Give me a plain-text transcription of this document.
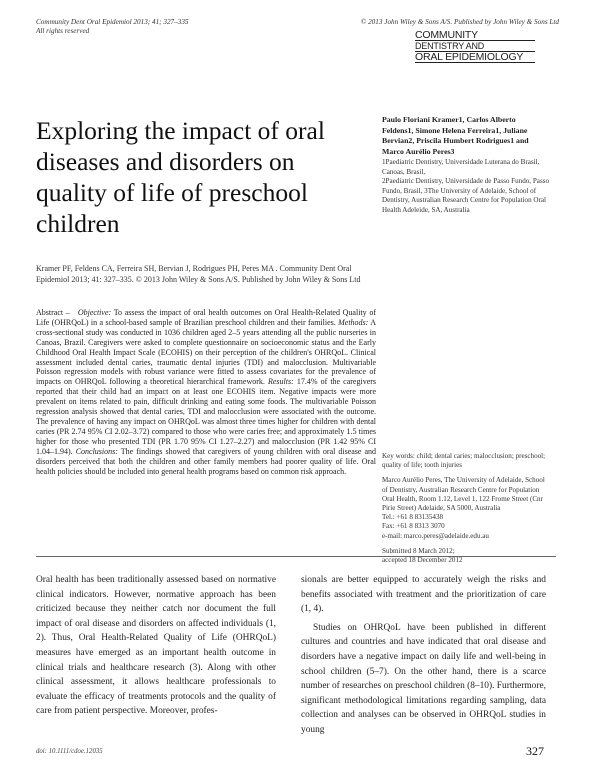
Community Dent Oral Epidemiol 2013; 41; 327–335
All rights reserved
© 2013 John Wiley & Sons A/S. Published by John Wiley & Sons Ltd
COMMUNITY
DENTISTRY AND
ORAL EPIDEMIOLOGY
Exploring the impact of oral diseases and disorders on quality of life of preschool children
Paulo Floriani Kramer1, Carlos Alberto Feldens1, Simone Helena Ferreira1, Juliane Bervian2, Priscila Humbert Rodrigues1 and Marco Aurélio Peres3

1Paediatric Dentistry, Universidade Luterana do Brasil, Canoas, Brasil,

2Paediatric Dentistry, Universidade de Passo Fundo, Passo Fundo, Brasil, 3The University of Adelaide, School of Dentistry, Australian Research Centre for Population Oral Health Adeleide, SA, Australia

Kramer PF, Feldens CA, Ferreira SH, Bervian J, Rodrigues PH, Peres MA . Community Dent Oral Epidemiol 2013; 41: 327–335. © 2013 John Wiley & Sons A/S. Published by John Wiley & Sons Ltd
Abstract – Objective: To assess the impact of oral health outcomes on Oral Health-Related Quality of Life (OHRQoL) in a school-based sample of Brazilian preschool children and their families. Methods: A cross-sectional study was conducted in 1036 children aged 2–5 years attending all the public nurseries in Canoas, Brazil. Caregivers were asked to complete questionnaire on socioeconomic status and the Early Childhood Oral Health Impact Scale (ECOHIS) on their perception of the children's OHRQoL. Clinical assessment included dental caries, traumatic dental injuries (TDI) and malocclusion. Multivariable Poisson regression models with robust variance were fitted to assess covariates for the prevalence of impacts on OHRQoL following a theoretical hierarchical framework. Results: 17.4% of the caregivers reported that their child had an impact on at least one ECOHIS item. Negative impacts were more prevalent on items related to pain, difficult drinking and eating some foods. The multivariable Poisson regression analysis showed that dental caries, TDI and malocclusion were associated with the outcome. The prevalence of having any impact on OHRQoL was almost three times higher for children with dental caries (PR 2.74 95% CI 2.02–3.72) compared to those who were caries free; and approximately 1.5 times higher for those who presented TDI (PR 1.70 95% CI 1.27–2.27) and malocclusion (PR 1.42 95% CI 1.04–1.94). Conclusions: The findings showed that caregivers of young children with oral disease and disorders perceived that both the children and other family members had poorer quality of life. Oral health policies should be included into general health programs based on common risk approach.

Key words: child; dental caries; malocclusion; preschool; quality of life; tooth injuries

Marco Aurélio Peres, The University of Adelaide, School of Dentistry, Australian Research Centre for Population Oral Health, Room 1.12, Level 1, 122 Frome Street (Cnr Pirie Street) Adelaide, SA 5000, Australia
Tel.: +61 8 83135438
Fax: +61 8 8313 3070
e-mail: marco.peres@adelaide.edu.au

Submitted 8 March 2012;
accepted 18 December 2012

Oral health has been traditionally assessed based on normative clinical indicators. However, normative approach has been criticized because they neither catch nor document the full impact of oral disease and disorders on affected individuals (1, 2). Thus, Oral Health-Related Quality of Life (OHRQoL) measures have emerged as an important health outcome in clinical trials and healthcare research (3). Along with other clinical assessment, it allows healthcare professionals to evaluate the efficacy of treatments protocols and the quality of care from patient perspective. Moreover, profes-

sionals are better equipped to accurately weigh the risks and benefits associated with treatment and the prioritization of care (1, 4).

Studies on OHRQoL have been published in different cultures and countries and have indicated that oral disease and disorders have a negative impact on daily life and well-being in school children (5–7). On the other hand, there is a scarce number of researches on preschool children (8–10). Furthermore, significant methodological limitations regarding sampling, data collection and analyses can be observed in OHRQoL studies in young

doi: 10.1111/cdoe.12035	327
